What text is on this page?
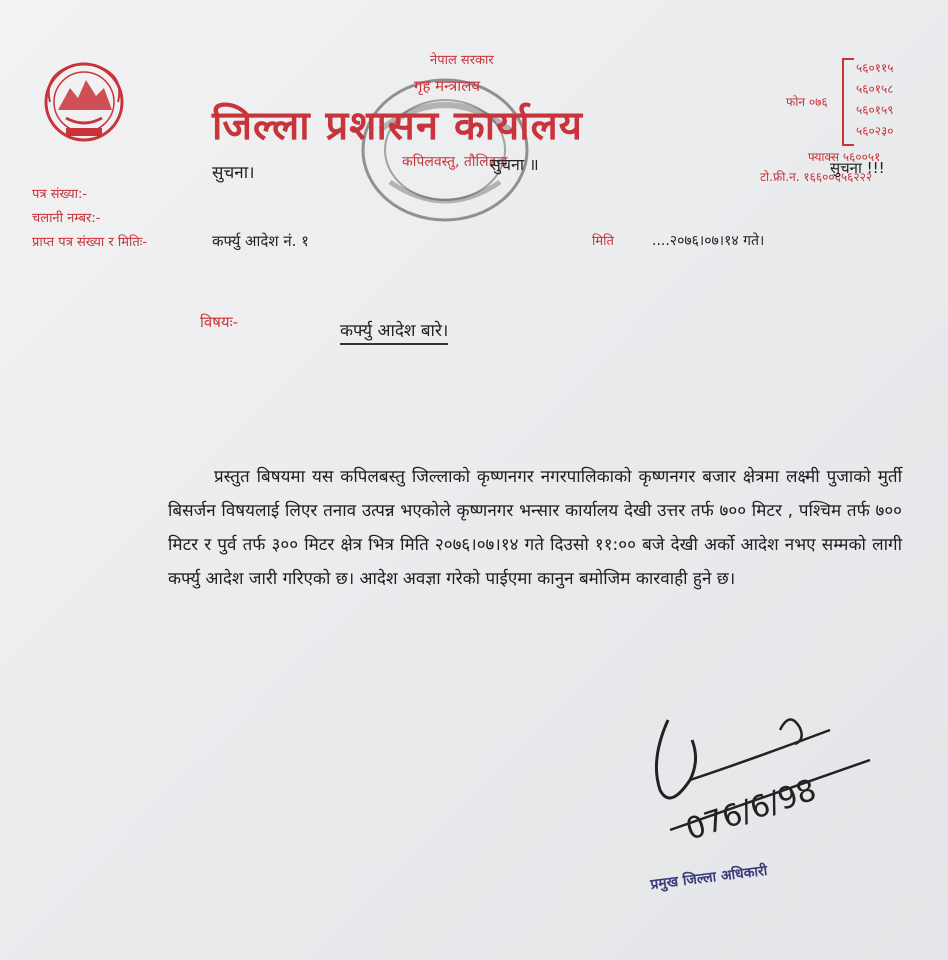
नेपाल सरकार
गृह मन्त्रालय
जिल्ला प्रशासन कार्यालय
सुचना।
कपिलवस्तु, तौलिहवा
सुचना ॥
फोन ०७६
५६०११५
५६०१५८
५६०१५९
५६०२३०
फ्याक्स ५६००५१
टो.फ्री.न. १६६००६५६२२२
सुचना !!!
पत्र संख्या:-
चलानी नम्बर:-
प्राप्त पत्र संख्या र मितिः-	कर्फ्यु आदेश नं. १	मिति	....२०७६।०७।१४ गते।
विषयः-	कर्फ्यु आदेश बारे।
प्रस्तुत बिषयमा यस कपिलबस्तु जिल्लाको कृष्णनगर नगरपालिकाको कृष्णनगर बजार क्षेत्रमा लक्ष्मी पुजाको मुर्ती बिसर्जन विषयलाई लिएर तनाव उत्पन्न भएकोले कृष्णनगर भन्सार कार्यालय देखी उत्तर तर्फ ७०० मिटर , पश्चिम तर्फ ७०० मिटर र पुर्व तर्फ ३०० मिटर क्षेत्र भित्र मिति २०७६।०७।१४ गते दिउसो ११:०० बजे देखी अर्को आदेश नभए सम्मको लागी कर्फ्यु आदेश जारी गरिएको छ। आदेश अवज्ञा गरेको पाईएमा कानुन बमोजिम कारवाही हुने छ।
076/6/98
प्रमुख जिल्ला अधिकारी
